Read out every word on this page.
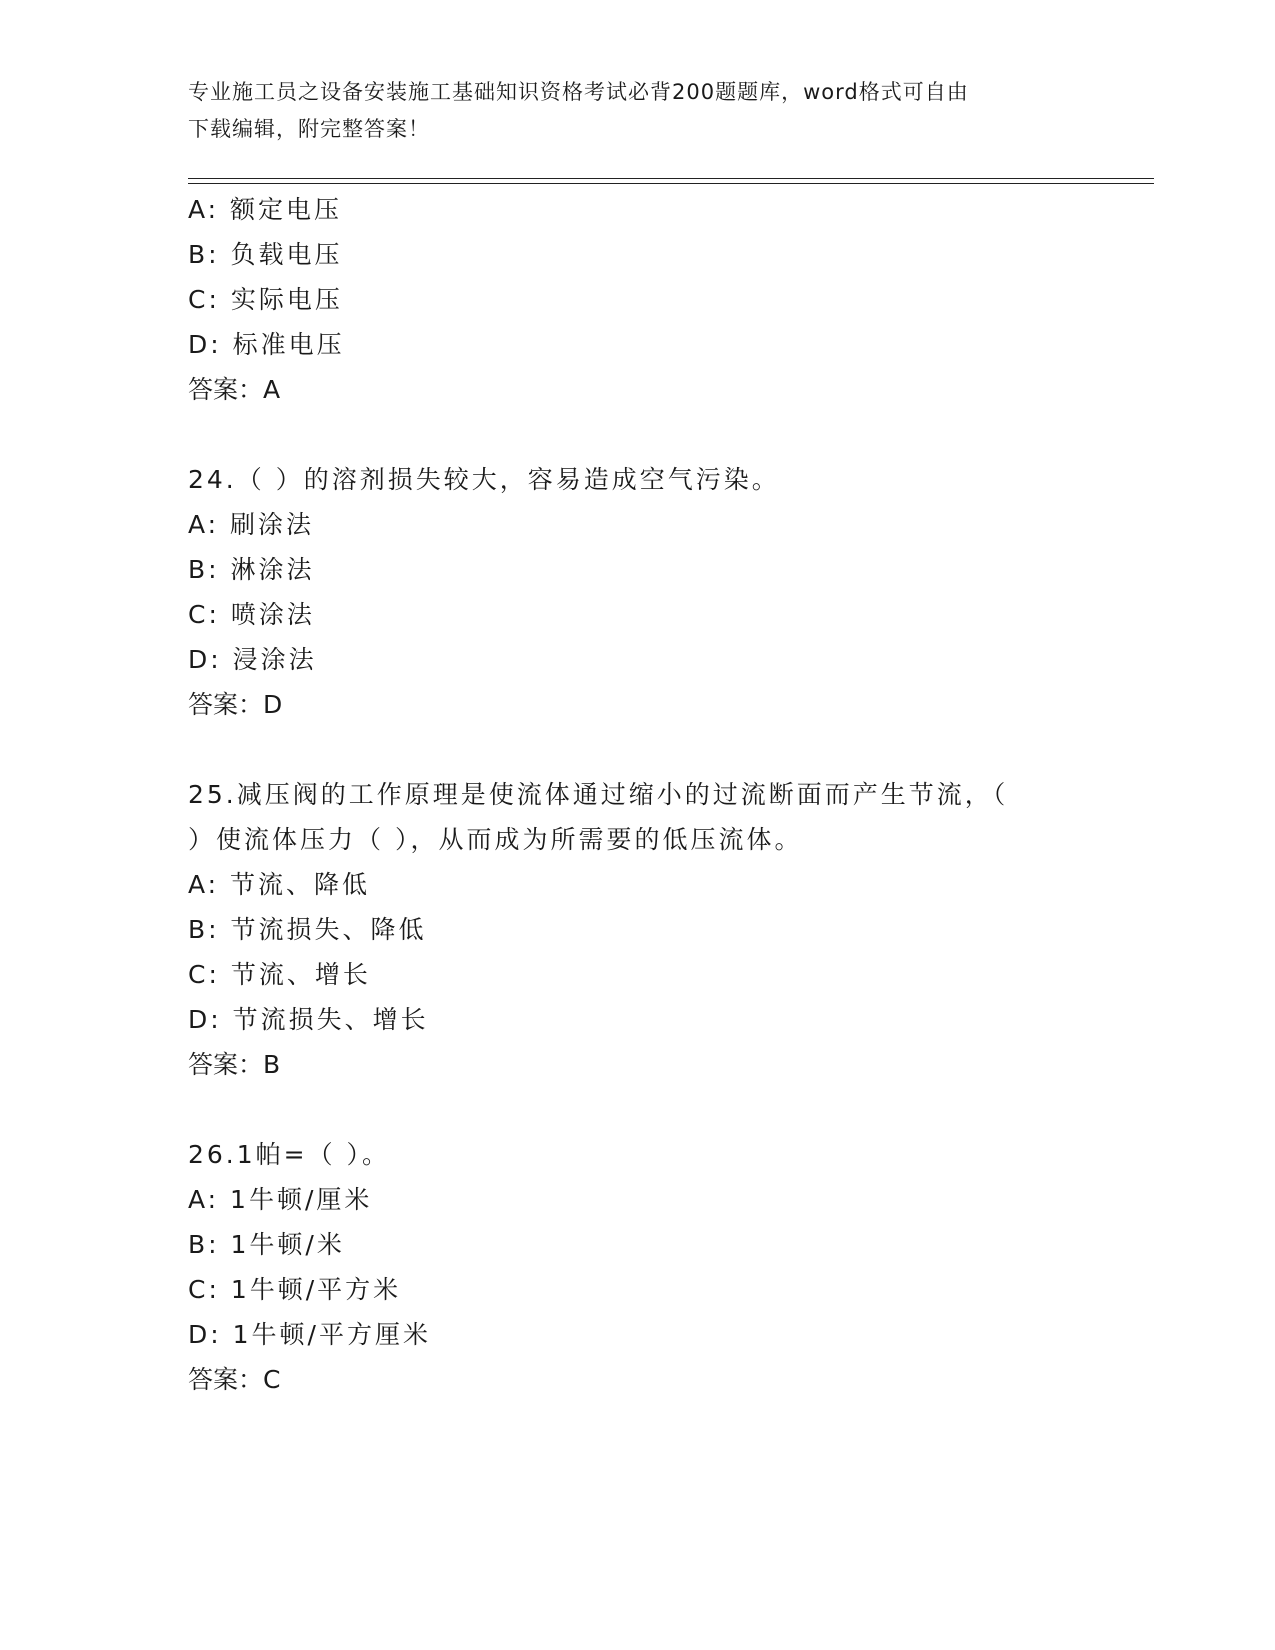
专业施工员之设备安装施工基础知识资格考试必背200题题库，word格式可自由
下载编辑，附完整答案！
A: 额定电压
B: 负载电压
C: 实际电压
D: 标准电压
答案：A
24.（ ）的溶剂损失较大，容易造成空气污染。
A: 刷涂法
B: 淋涂法
C: 喷涂法
D: 浸涂法
答案：D
25.减压阀的工作原理是使流体通过缩小的过流断面而产生节流，（
）使流体压力（ ），从而成为所需要的低压流体。
A: 节流、降低
B: 节流损失、降低
C: 节流、增长
D: 节流损失、增长
答案：B
26.1帕=（ ）。
A: 1牛顿/厘米
B: 1牛顿/米
C: 1牛顿/平方米
D: 1牛顿/平方厘米
答案：C
